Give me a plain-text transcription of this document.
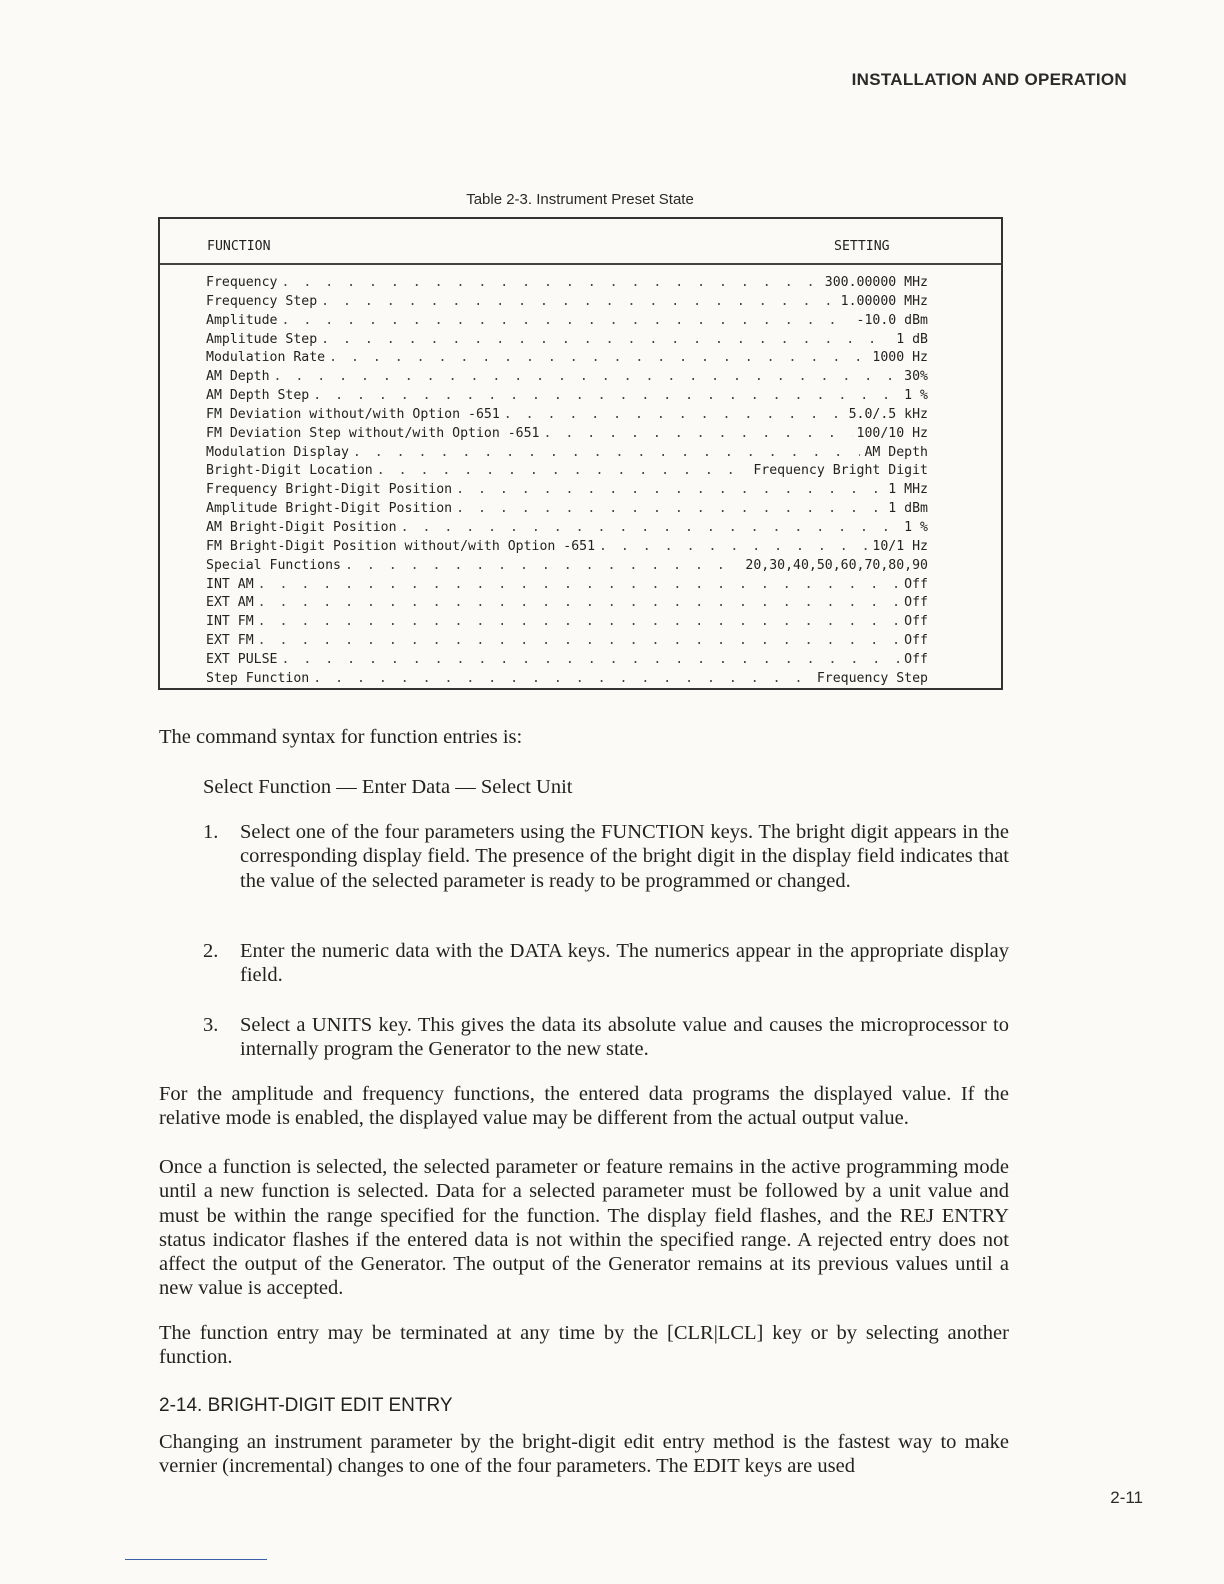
INSTALLATION AND OPERATION
Table 2-3. Instrument Preset State
FUNCTION	SETTING
Frequency . . .	300.00000 MHz
Frequency Step . . .	1.00000 MHz
Amplitude . . .	-10.0 dBm
Amplitude Step . . .	1 dB
Modulation Rate . . .	1000 Hz
AM Depth . . .	30%
AM Depth Step . . .	1 %
FM Deviation without/with Option -651 . . .	5.0/.5 kHz
FM Deviation Step without/with Option -651 . . .	100/10 Hz
Modulation Display . . .	AM Depth
Bright-Digit Location . . .	Frequency Bright Digit
Frequency Bright-Digit Position . . .	1 MHz
Amplitude Bright-Digit Position . . .	1 dBm
AM Bright-Digit Position . . .	1 %
FM Bright-Digit Position without/with Option -651 . . .	10/1 Hz
Special Functions . . .	20,30,40,50,60,70,80,90
INT AM . . .	Off
EXT AM . . .	Off
INT FM . . .	Off
EXT FM . . .	Off
EXT PULSE . . .	Off
Step Function . . .	Frequency Step
The command syntax for function entries is:
Select Function — Enter Data — Select Unit
1. Select one of the four parameters using the FUNCTION keys. The bright digit appears in the corresponding display field. The presence of the bright digit in the display field indicates that the value of the selected parameter is ready to be programmed or changed.
2. Enter the numeric data with the DATA keys. The numerics appear in the appropriate display field.
3. Select a UNITS key. This gives the data its absolute value and causes the microprocessor to internally program the Generator to the new state.
For the amplitude and frequency functions, the entered data programs the displayed value. If the relative mode is enabled, the displayed value may be different from the actual output value.
Once a function is selected, the selected parameter or feature remains in the active programming mode until a new function is selected. Data for a selected parameter must be followed by a unit value and must be within the range specified for the function. The display field flashes, and the REJ ENTRY status indicator flashes if the entered data is not within the specified range. A rejected entry does not affect the output of the Generator. The output of the Generator remains at its previous values until a new value is accepted.
The function entry may be terminated at any time by the [CLR|LCL] key or by selecting another function.
2-14. BRIGHT-DIGIT EDIT ENTRY
Changing an instrument parameter by the bright-digit edit entry method is the fastest way to make vernier (incremental) changes to one of the four parameters. The EDIT keys are used
2-11
